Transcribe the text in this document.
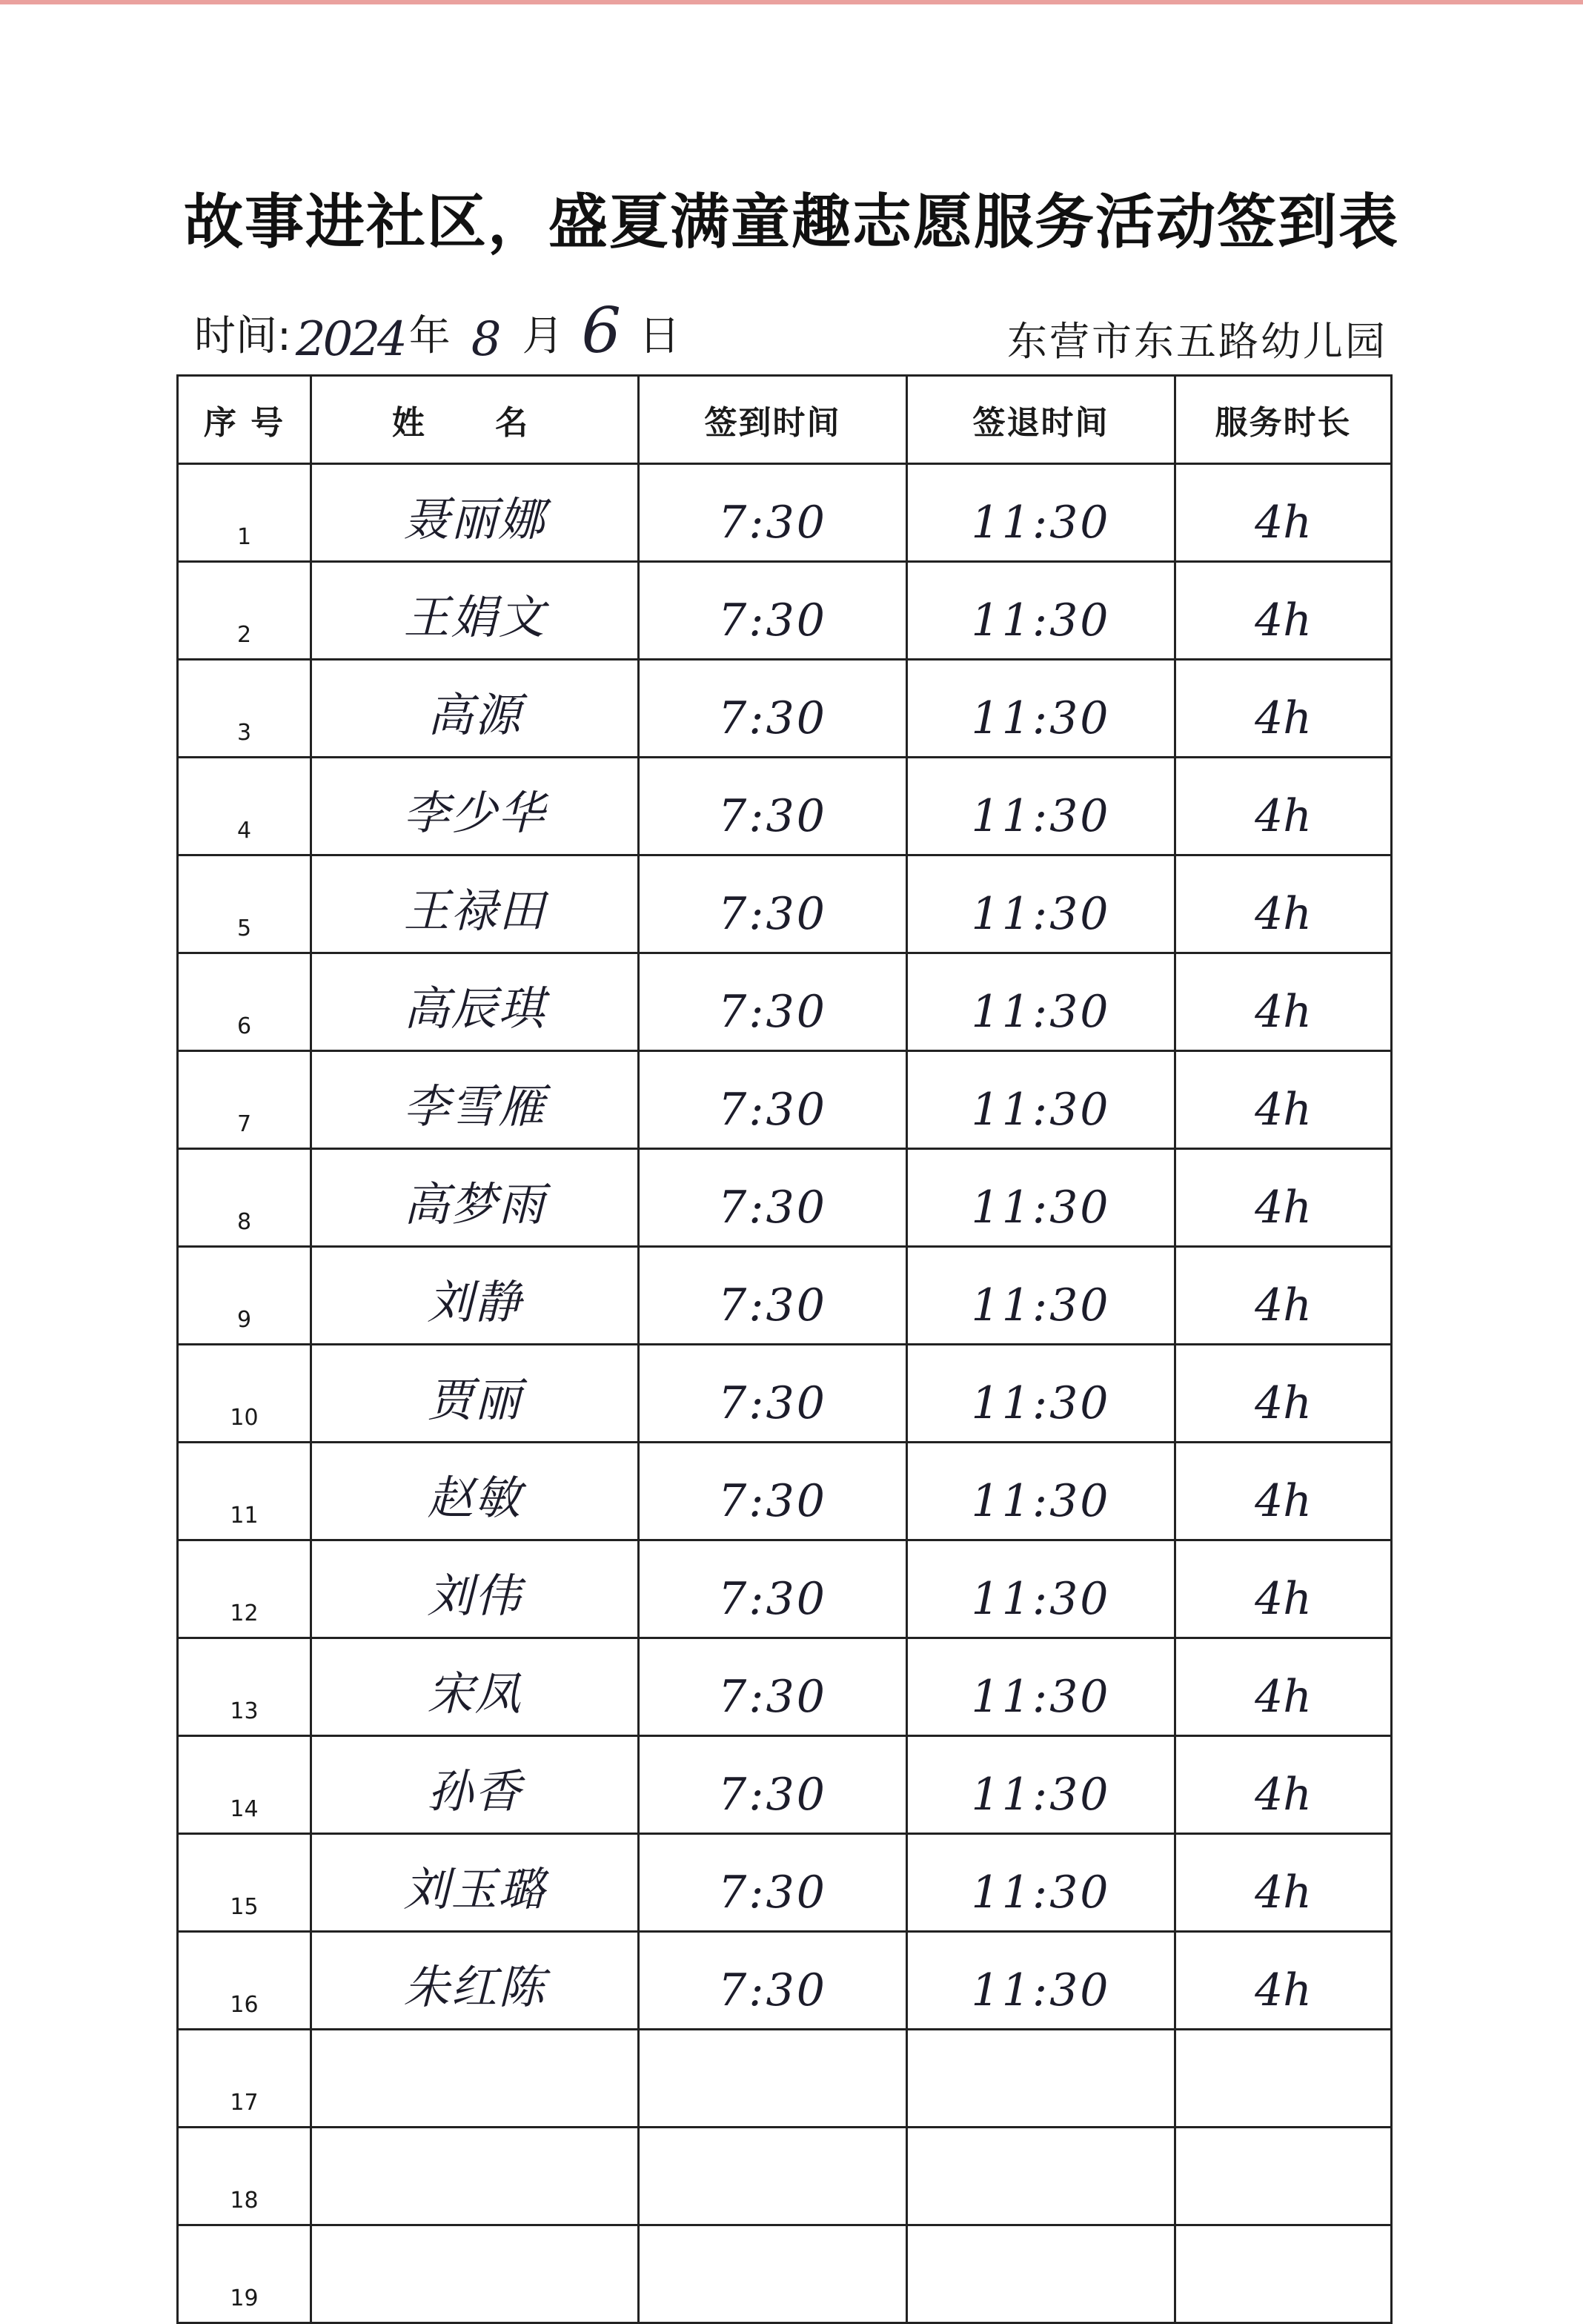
故事进社区，盛夏满童趣志愿服务活动签到表
时间: 2024 年 8 月 6 日	东营市东五路幼儿园
序 号	姓 名	签到时间	签退时间	服务时长
1	聂丽娜	7:30	11:30	4h
2	王娟文	7:30	11:30	4h
3	高源	7:30	11:30	4h
4	李少华	7:30	11:30	4h
5	王禄田	7:30	11:30	4h
6	高辰琪	7:30	11:30	4h
7	李雪雁	7:30	11:30	4h
8	高梦雨	7:30	11:30	4h
9	刘静	7:30	11:30	4h
10	贾丽	7:30	11:30	4h
11	赵敏	7:30	11:30	4h
12	刘伟	7:30	11:30	4h
13	宋凤	7:30	11:30	4h
14	孙香	7:30	11:30	4h
15	刘玉璐	7:30	11:30	4h
16	朱红陈	7:30	11:30	4h
17				
18				
19				
